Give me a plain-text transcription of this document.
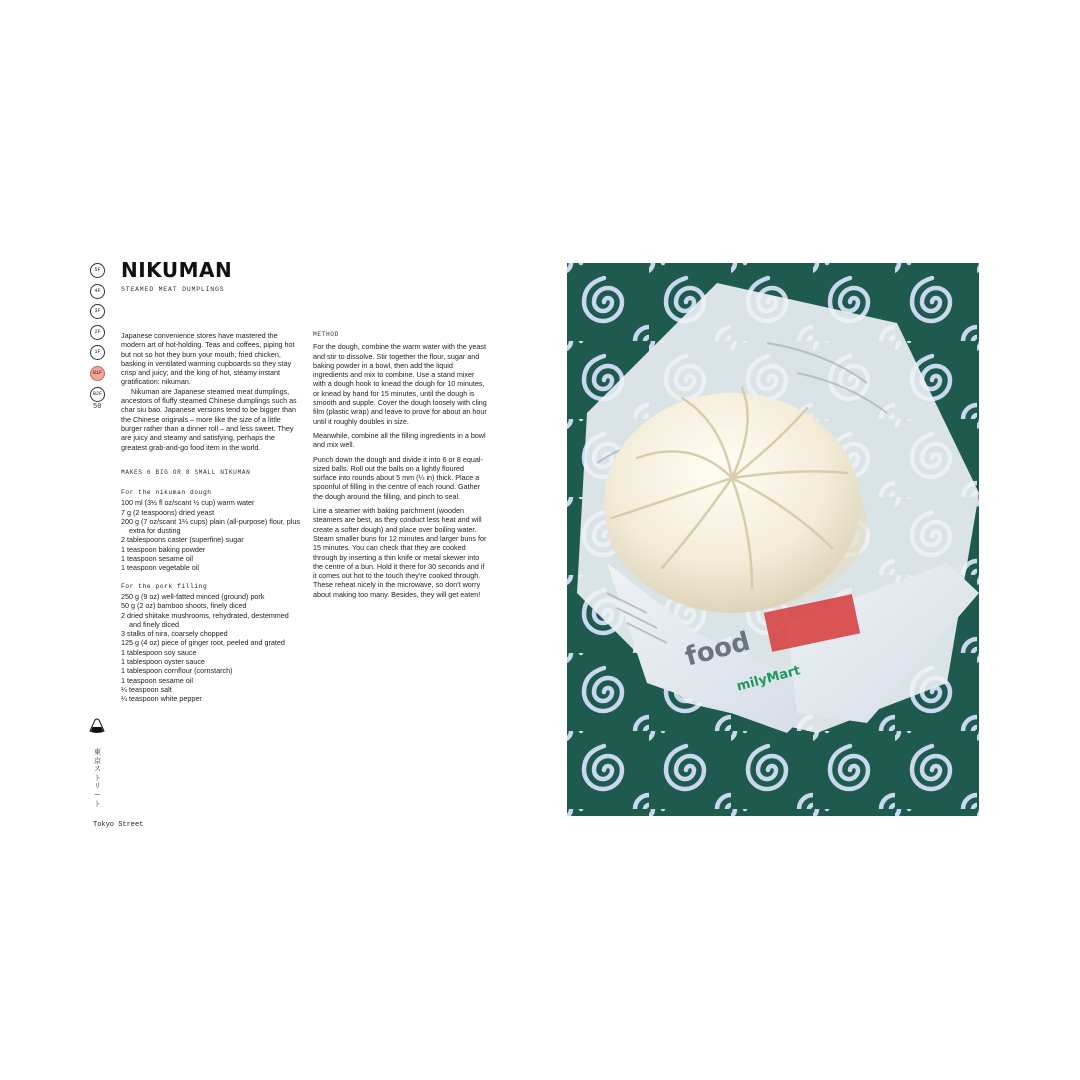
5F
4F
3F
2F
1F
B1F
B2F
50
NIKUMAN
STEAMED MEAT DUMPLINGS

Japanese convenience stores have mastered the modern art of hot-holding. Teas and coffees, piping hot but not so hot they burn your mouth; fried chicken, basking in ventilated warming cupboards so they stay crisp and juicy; and the king of hot, steamy instant gratification: nikuman.

Nikuman are Japanese steamed meat dumplings, ancestors of fluffy steamed Chinese dumplings such as char siu bao. Japanese versions tend to be bigger than the Chinese originals – more like the size of a little burger rather than a dinner roll – and less sweet. They are juicy and steamy and satisfying, perhaps the greatest grab-and-go food item in the world.

MAKES 6 BIG OR 8 SMALL NIKUMAN
For the nikuman dough
100 ml (3½ fl oz/scant ½ cup) warm water
7 g (2 teaspoons) dried yeast
200 g (7 oz/scant 1⅔ cups) plain (all-purpose) flour, plus extra for dusting
2 tablespoons caster (superfine) sugar
1 teaspoon baking powder
1 teaspoon sesame oil
1 teaspoon vegetable oil
For the pork filling
250 g (9 oz) well-fatted minced (ground) pork
50 g (2 oz) bamboo shoots, finely diced
2 dried shiitake mushrooms, rehydrated, destemmed and finely diced
3 stalks of nira, coarsely chopped
125 g (4 oz) piece of ginger root, peeled and grated
1 tablespoon soy sauce
1 tablespoon oyster sauce
1 tablespoon cornflour (cornstarch)
1 teaspoon sesame oil
¼ teaspoon salt
¼ teaspoon white pepper
METHOD

For the dough, combine the warm water with the yeast and stir to dissolve. Stir together the flour, sugar and baking powder in a bowl, then add the liquid ingredients and mix to combine. Use a stand mixer with a dough hook to knead the dough for 10 minutes, or knead by hand for 15 minutes, until the dough is smooth and supple. Cover the dough loosely with cling film (plastic wrap) and leave to prove for about an hour until it roughly doubles in size.

Meanwhile, combine all the filling ingredients in a bowl and mix well.

Punch down the dough and divide it into 6 or 8 equal-sized balls. Roll out the balls on a lightly floured surface into rounds about 5 mm (¼ in) thick. Place a spoonful of filling in the centre of each round. Gather the dough around the filling, and pinch to seal.

Line a steamer with baking parchment (wooden steamers are best, as they conduct less heat and will create a softer dough) and place over boiling water. Steam smaller buns for 12 minutes and larger buns for 15 minutes. You can check that they are cooked through by inserting a thin knife or metal skewer into the centre of a bun. Hold it there for 30 seconds and if it comes out hot to the touch they're cooked through. These reheat nicely in the microwave, so don't worry about making too many. Besides, they will get eaten!

food
milyMart
東京ストリート
Tokyo Street
